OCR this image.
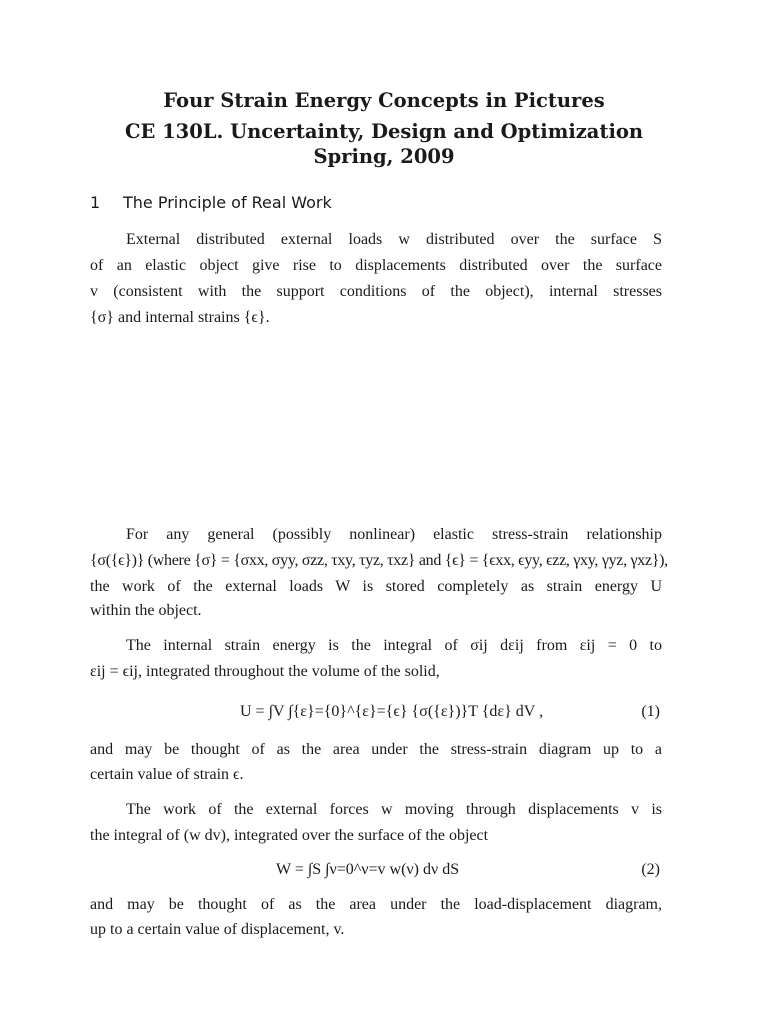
Four Strain Energy Concepts in Pictures
CE 130L. Uncertainty, Design and Optimization
Spring, 2009
1 The Principle of Real Work
External distributed external loads w distributed over the surface S
of an elastic object give rise to displacements distributed over the surface
v (consistent with the support conditions of the object), internal stresses
{σ} and internal strains {ϵ}.
For any general (possibly nonlinear) elastic stress-strain relationship
{σ({ϵ})} (where {σ} = {σxx, σyy, σzz, τxy, τyz, τxz} and {ϵ} = {ϵxx, ϵyy, ϵzz, γxy, γyz, γxz}),
the work of the external loads W is stored completely as strain energy U
within the object.
The internal strain energy is the integral of σij dεij from εij = 0 to
εij = ϵij, integrated throughout the volume of the solid,
U = ∫V ∫{ε}={0}^{ε}={ϵ} {σ({ε})}T {dε} dV ,	(1)
and may be thought of as the area under the stress-strain diagram up to a
certain value of strain ϵ.
The work of the external forces w moving through displacements v is
the integral of (w dv), integrated over the surface of the object
W = ∫S ∫ν=0^ν=v w(ν) dν dS	(2)
and may be thought of as the area under the load-displacement diagram,
up to a certain value of displacement, v.
